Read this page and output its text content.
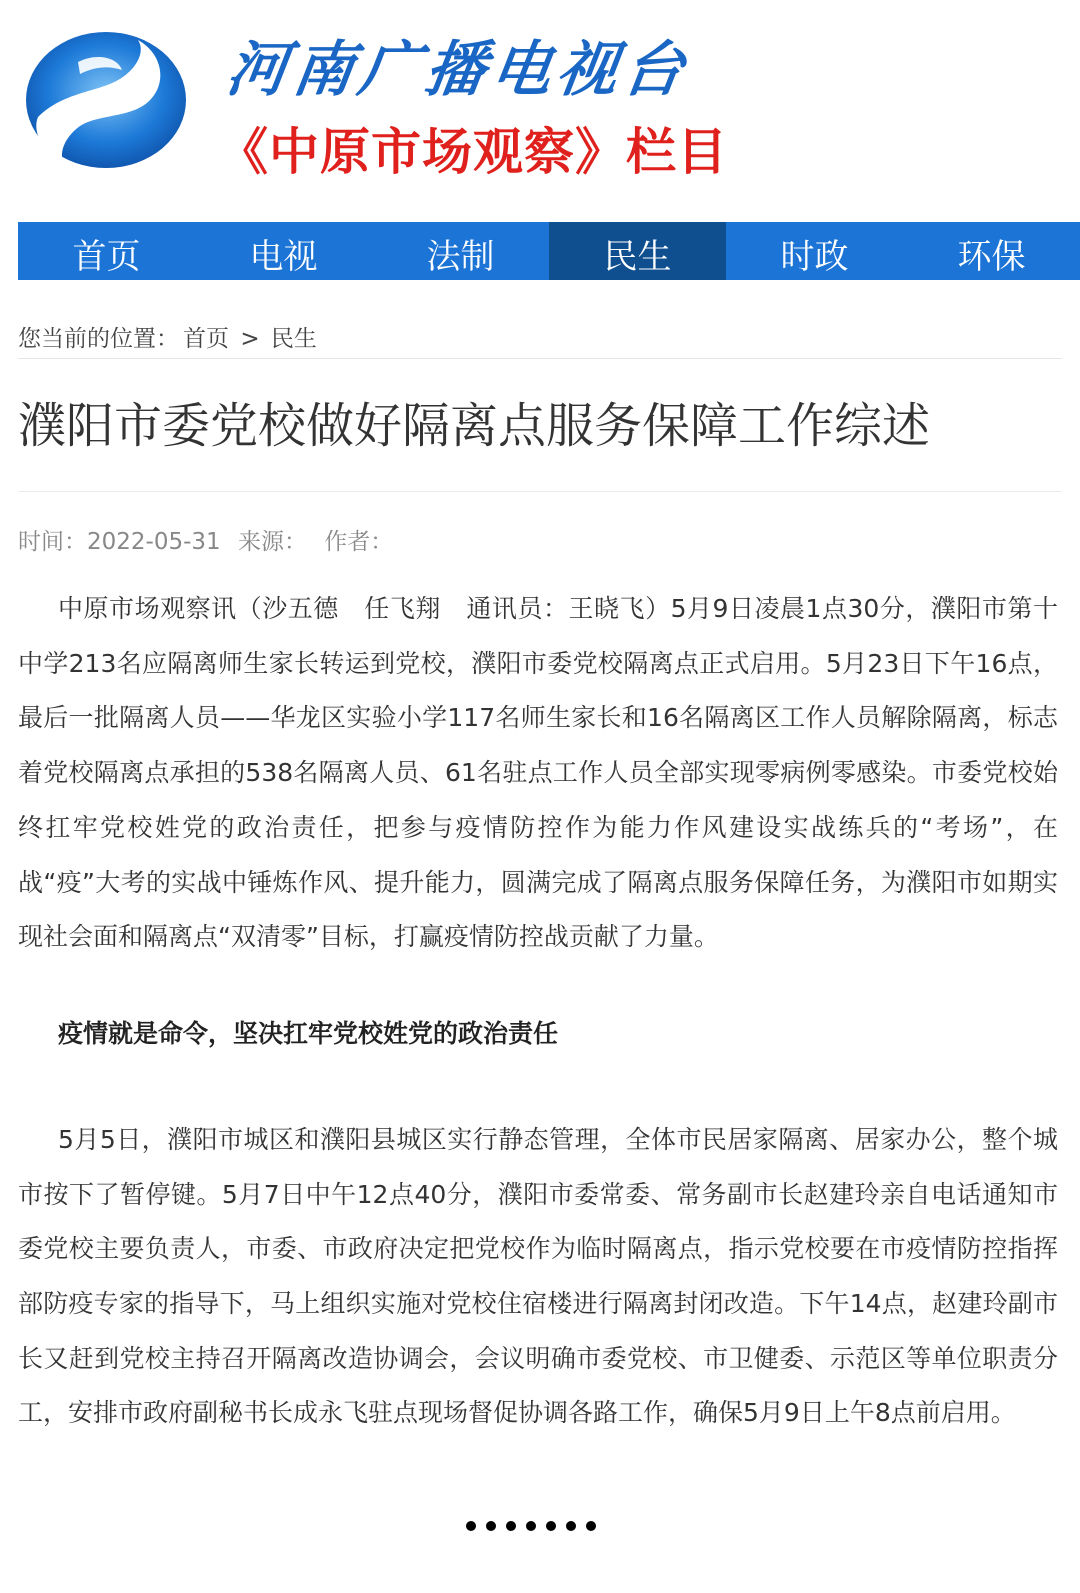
河南广播电视台
《中原市场观察》栏目
首页	电视	法制	民生	时政	环保
您当前的位置： 首页 > 民生
濮阳市委党校做好隔离点服务保障工作综述
时间：2022-05-31 来源： 作者：

中原市场观察讯（沙五德　任飞翔　通讯员：王晓飞）5月9日凌晨1点30分，濮阳市第十中学213名应隔离师生家长转运到党校，濮阳市委党校隔离点正式启用。5月23日下午16点，最后一批隔离人员——华龙区实验小学117名师生家长和16名隔离区工作人员解除隔离，标志着党校隔离点承担的538名隔离人员、61名驻点工作人员全部实现零病例零感染。市委党校始终扛牢党校姓党的政治责任，把参与疫情防控作为能力作风建设实战练兵的“考场”，在战“疫”大考的实战中锤炼作风、提升能力，圆满完成了隔离点服务保障任务，为濮阳市如期实现社会面和隔离点“双清零”目标，打赢疫情防控战贡献了力量。

疫情就是命令，坚决扛牢党校姓党的政治责任

5月5日，濮阳市城区和濮阳县城区实行静态管理，全体市民居家隔离、居家办公，整个城市按下了暂停键。5月7日中午12点40分，濮阳市委常委、常务副市长赵建玲亲自电话通知市委党校主要负责人，市委、市政府决定把党校作为临时隔离点，指示党校要在市疫情防控指挥部防疫专家的指导下，马上组织实施对党校住宿楼进行隔离封闭改造。下午14点，赵建玲副市长又赶到党校主持召开隔离改造协调会，会议明确市委党校、市卫健委、示范区等单位职责分工，安排市政府副秘书长成永飞驻点现场督促协调各路工作，确保5月9日上午8点前启用。
